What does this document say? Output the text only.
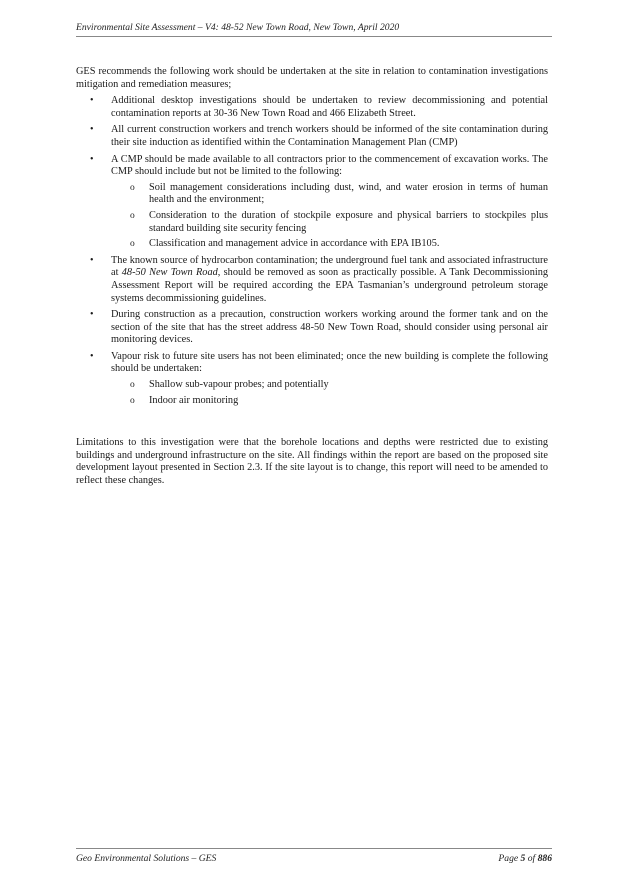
Environmental Site Assessment – V4: 48-52 New Town Road, New Town, April 2020

GES recommends the following work should be undertaken at the site in relation to contamination investigations mitigation and remediation measures;

• Additional desktop investigations should be undertaken to review decommissioning and potential contamination reports at 30-36 New Town Road and 466 Elizabeth Street.
• All current construction workers and trench workers should be informed of the site contamination during their site induction as identified within the Contamination Management Plan (CMP)
• A CMP should be made available to all contractors prior to the commencement of excavation works. The CMP should include but not be limited to the following:
o Soil management considerations including dust, wind, and water erosion in terms of human health and the environment;
o Consideration to the duration of stockpile exposure and physical barriers to stockpiles plus standard building site security fencing
o Classification and management advice in accordance with EPA IB105.
• The known source of hydrocarbon contamination; the underground fuel tank and associated infrastructure at 48-50 New Town Road, should be removed as soon as practically possible. A Tank Decommissioning Assessment Report will be required according the EPA Tasmanian’s underground petroleum storage systems decommissioning guidelines.
• During construction as a precaution, construction workers working around the former tank and on the section of the site that has the street address 48-50 New Town Road, should consider using personal air monitoring devices.
• Vapour risk to future site users has not been eliminated; once the new building is complete the following should be undertaken:
o Shallow sub-vapour probes; and potentially
o Indoor air monitoring

Limitations to this investigation were that the borehole locations and depths were restricted due to existing buildings and underground infrastructure on the site. All findings within the report are based on the proposed site development layout presented in Section 2.3. If the site layout is to change, this report will need to be amended to reflect these changes.

Geo Environmental Solutions – GES	Page 5 of 886
